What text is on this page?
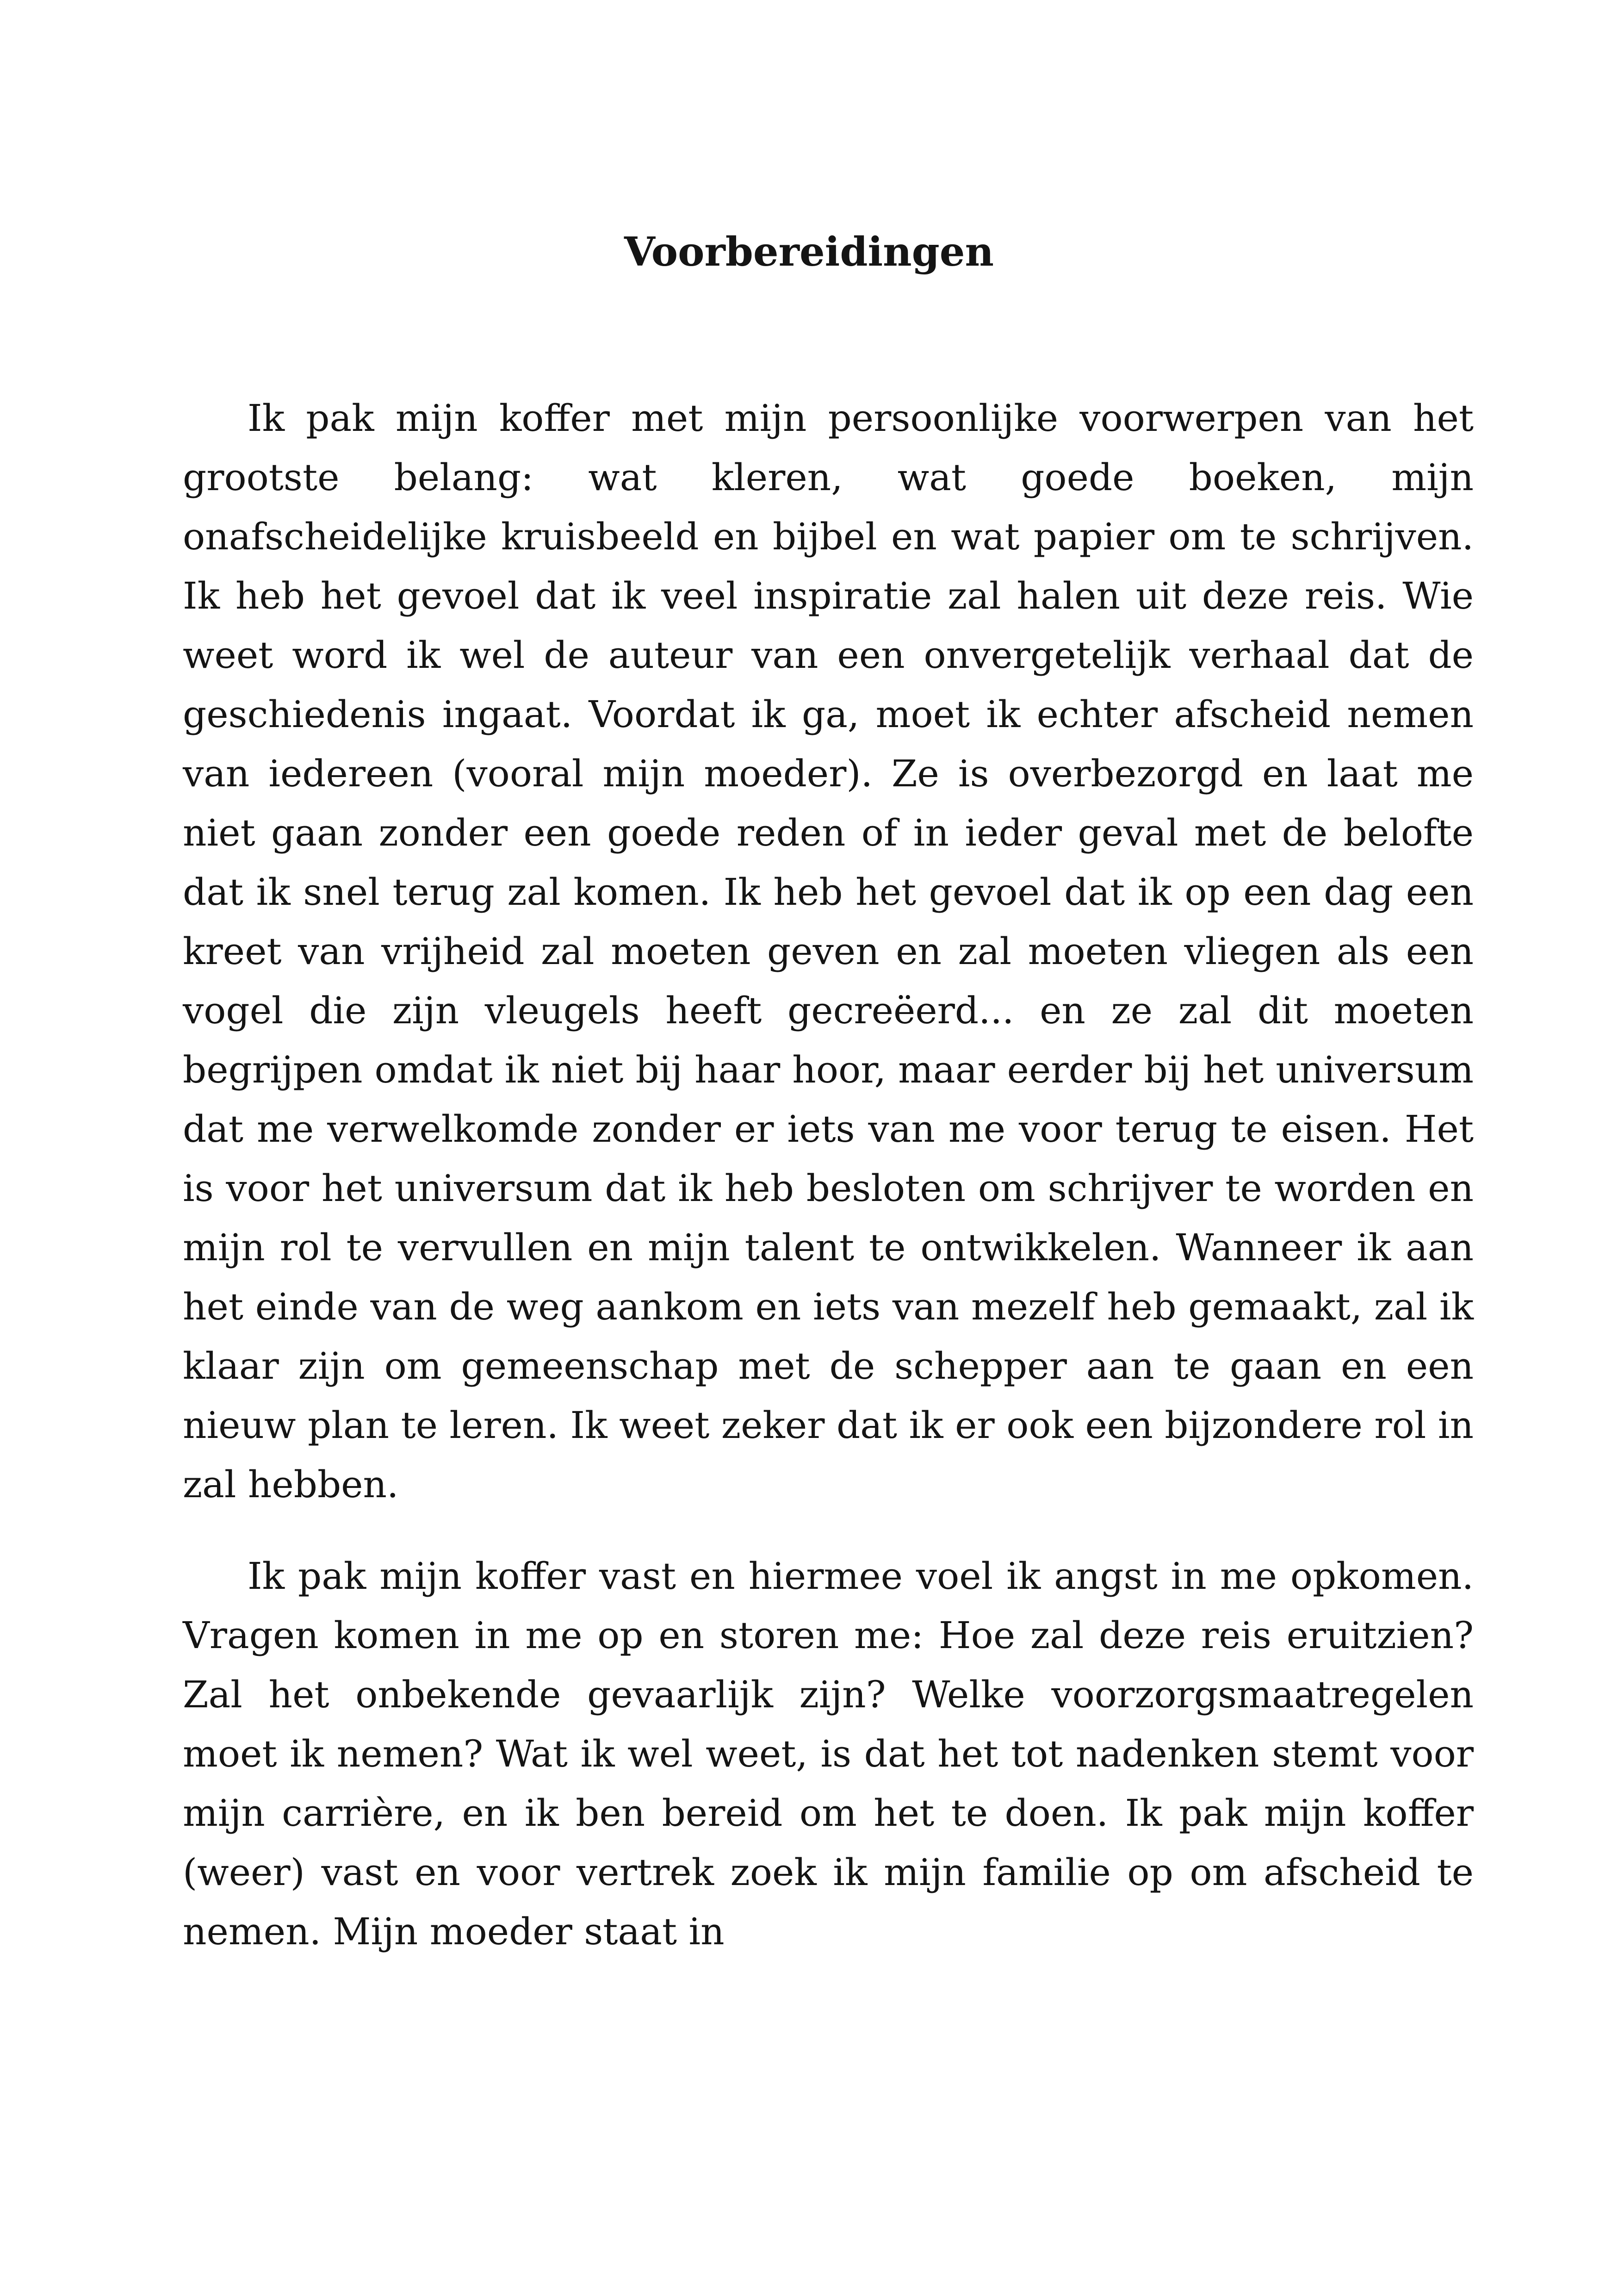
Voorbereidingen

Ik pak mijn koffer met mijn persoonlijke voorwerpen van het grootste belang: wat kleren, wat goede boeken, mijn onafscheidelijke kruisbeeld en bijbel en wat papier om te schrijven. Ik heb het gevoel dat ik veel inspiratie zal halen uit deze reis. Wie weet word ik wel de auteur van een onvergetelijk verhaal dat de geschiedenis ingaat. Voordat ik ga, moet ik echter afscheid nemen van iedereen (vooral mijn moeder). Ze is overbezorgd en laat me niet gaan zonder een goede reden of in ieder geval met de belofte dat ik snel terug zal komen. Ik heb het gevoel dat ik op een dag een kreet van vrijheid zal moeten geven en zal moeten vliegen als een vogel die zijn vleugels heeft gecreëerd... en ze zal dit moeten begrijpen omdat ik niet bij haar hoor, maar eerder bij het universum dat me verwelkomde zonder er iets van me voor terug te eisen. Het is voor het universum dat ik heb besloten om schrijver te worden en mijn rol te vervullen en mijn talent te ontwikkelen. Wanneer ik aan het einde van de weg aankom en iets van mezelf heb gemaakt, zal ik klaar zijn om gemeenschap met de schepper aan te gaan en een nieuw plan te leren. Ik weet zeker dat ik er ook een bijzondere rol in zal hebben.

Ik pak mijn koffer vast en hiermee voel ik angst in me opkomen. Vragen komen in me op en storen me: Hoe zal deze reis eruitzien? Zal het onbekende gevaarlijk zijn? Welke voorzorgsmaatregelen moet ik nemen? Wat ik wel weet, is dat het tot nadenken stemt voor mijn carrière, en ik ben bereid om het te doen. Ik pak mijn koffer (weer) vast en voor vertrek zoek ik mijn familie op om afscheid te nemen. Mijn moeder staat in
